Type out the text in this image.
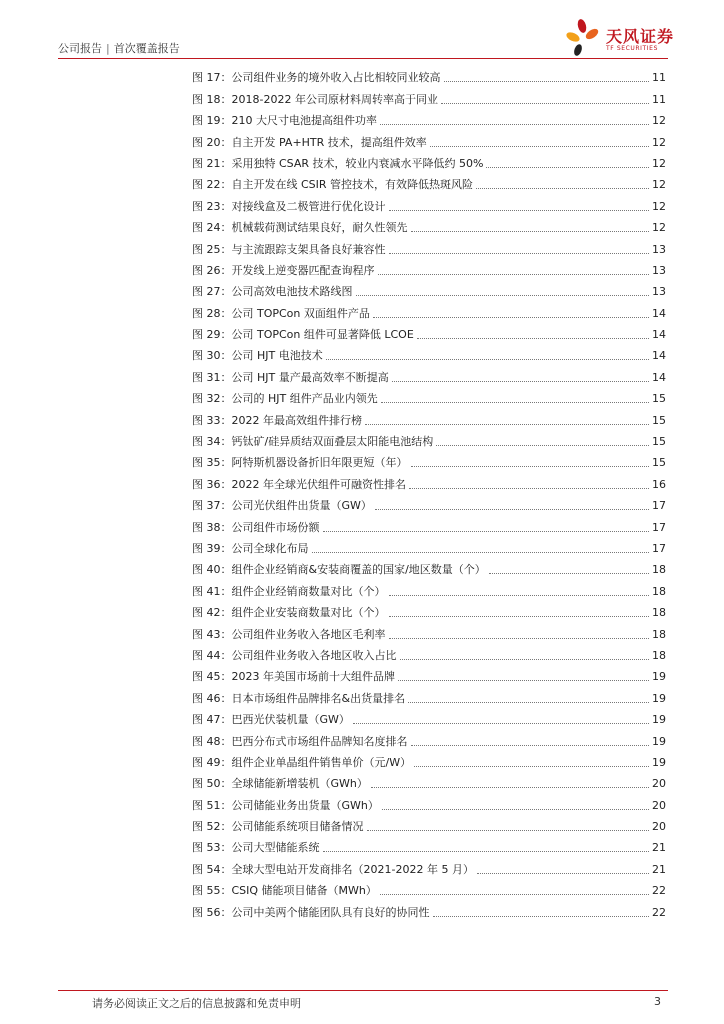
公司报告 | 首次覆盖报告
天风证券
TF SECURITIES
图 17：公司组件业务的境外收入占比相较同业较高	11
图 18：2018-2022 年公司原材料周转率高于同业	11
图 19：210 大尺寸电池提高组件功率	12
图 20：自主开发 PA+HTR 技术，提高组件效率	12
图 21：采用独特 CSAR 技术，较业内衰减水平降低约 50%	12
图 22：自主开发在线 CSIR 管控技术，有效降低热斑风险	12
图 23：对接线盒及二极管进行优化设计	12
图 24：机械载荷测试结果良好，耐久性领先	12
图 25：与主流跟踪支架具备良好兼容性	13
图 26：开发线上逆变器匹配查询程序	13
图 27：公司高效电池技术路线图	13
图 28：公司 TOPCon 双面组件产品	14
图 29：公司 TOPCon 组件可显著降低 LCOE	14
图 30：公司 HJT 电池技术	14
图 31：公司 HJT 量产最高效率不断提高	14
图 32：公司的 HJT 组件产品业内领先	15
图 33：2022 年最高效组件排行榜	15
图 34：钙钛矿/硅异质结双面叠层太阳能电池结构	15
图 35：阿特斯机器设备折旧年限更短（年）	15
图 36：2022 年全球光伏组件可融资性排名	16
图 37：公司光伏组件出货量（GW）	17
图 38：公司组件市场份额	17
图 39：公司全球化布局	17
图 40：组件企业经销商&安装商覆盖的国家/地区数量（个）	18
图 41：组件企业经销商数量对比（个）	18
图 42：组件企业安装商数量对比（个）	18
图 43：公司组件业务收入各地区毛利率	18
图 44：公司组件业务收入各地区收入占比	18
图 45：2023 年美国市场前十大组件品牌	19
图 46：日本市场组件品牌排名&出货量排名	19
图 47：巴西光伏装机量（GW）	19
图 48：巴西分布式市场组件品牌知名度排名	19
图 49：组件企业单晶组件销售单价（元/W）	19
图 50：全球储能新增装机（GWh）	20
图 51：公司储能业务出货量（GWh）	20
图 52：公司储能系统项目储备情况	20
图 53：公司大型储能系统	21
图 54：全球大型电站开发商排名（2021-2022 年 5 月）	21
图 55：CSIQ 储能项目储备（MWh）	22
图 56：公司中美两个储能团队具有良好的协同性	22
请务必阅读正文之后的信息披露和免责申明	3
